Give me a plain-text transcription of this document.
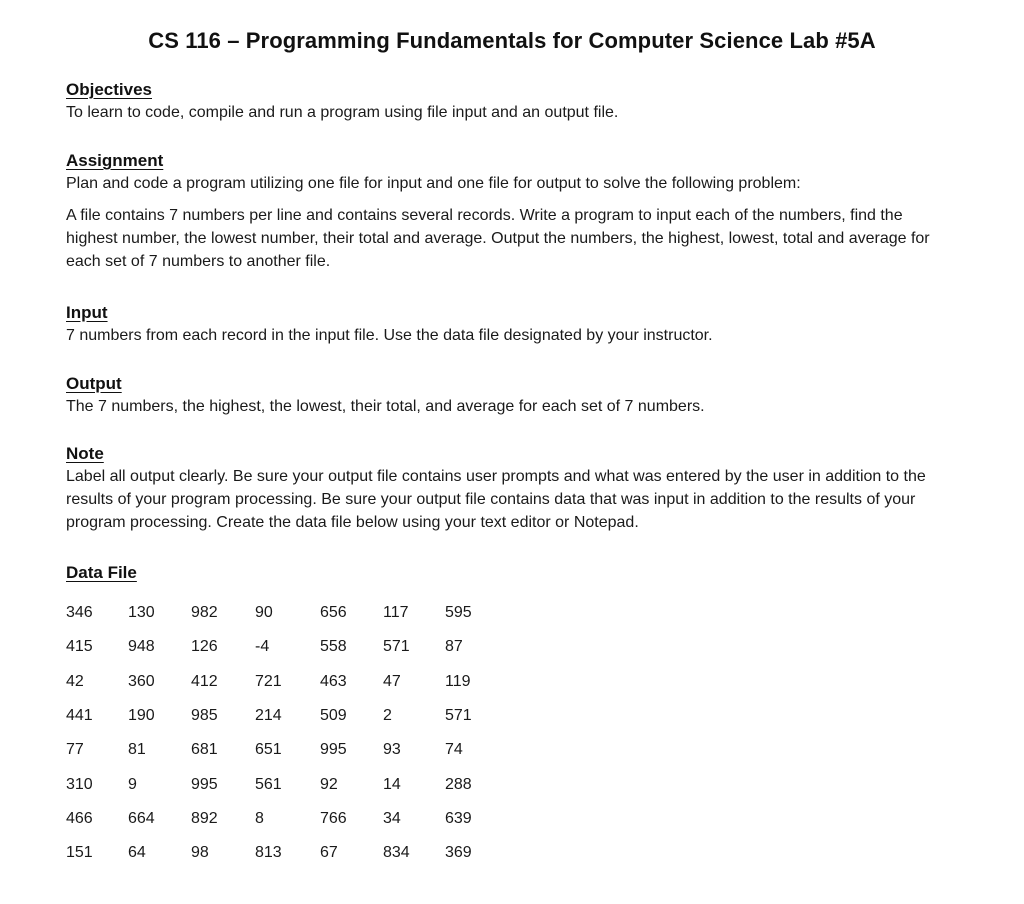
CS 116 – Programming Fundamentals for Computer Science Lab #5A
Objectives
To learn to code, compile and run a program using file input and an output file.
Assignment
Plan and code a program utilizing one file for input and one file for output to solve the following problem:
A file contains 7 numbers per line and contains several records. Write a program to input each of the numbers, find the highest number, the lowest number, their total and average. Output the numbers, the highest, lowest, total and average for each set of 7 numbers to another file.
Input
7 numbers from each record in the input file. Use the data file designated by your instructor.
Output
The 7 numbers, the highest, the lowest, their total, and average for each set of 7 numbers.
Note
Label all output clearly. Be sure your output file contains user prompts and what was entered by the user in addition to the results of your program processing. Be sure your output file contains data that was input in addition to the results of your program processing. Create the data file below using your text editor or Notepad.
Data File
346	130	982	90	656	117	595
415	948	126	-4	558	571	87
42	360	412	721	463	47	119
441	190	985	214	509	2	571
77	81	681	651	995	93	74
310	9	995	561	92	14	288
466	664	892	8	766	34	639
151	64	98	813	67	834	369
